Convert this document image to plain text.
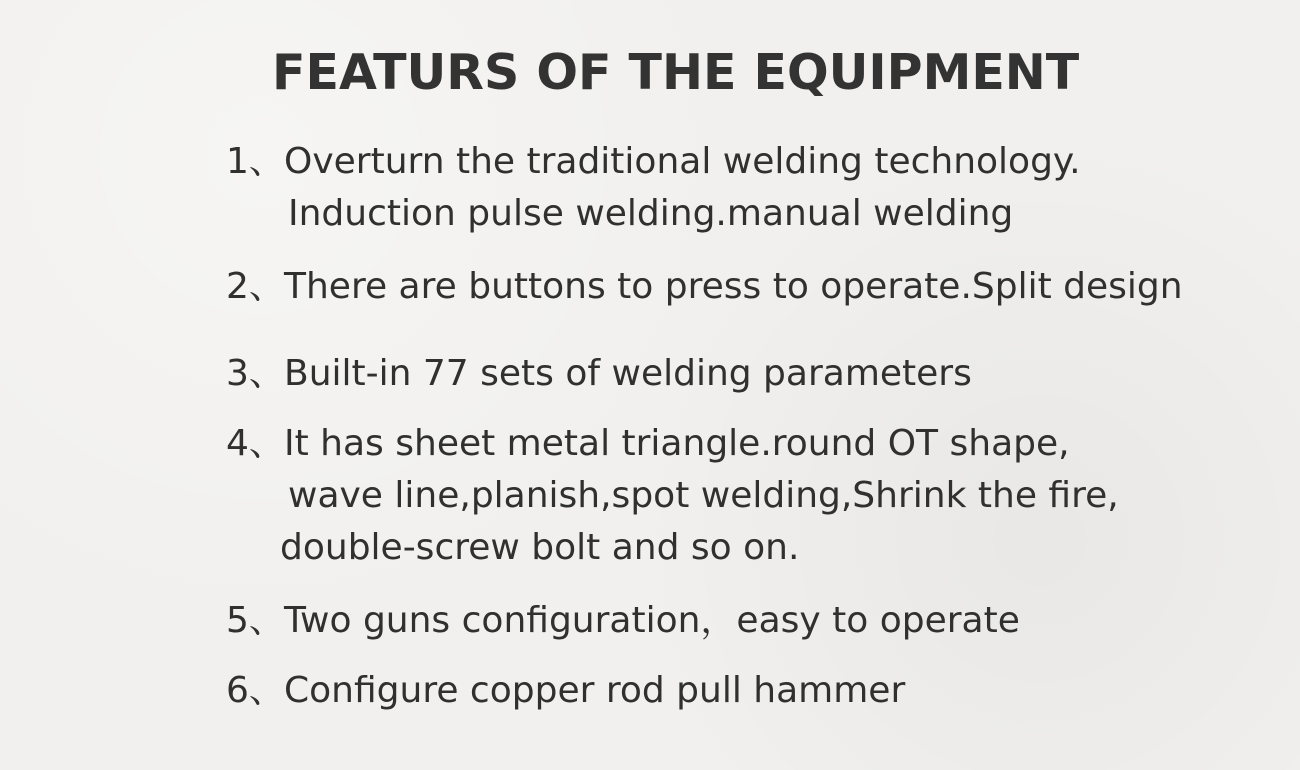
FEATURS OF THE EQUIPMENT
1、Overturn the traditional welding technology.
Induction pulse welding.manual welding
2、There are buttons to press to operate.Split design
3、Built-in 77 sets of welding parameters
4、It has sheet metal triangle.round OT shape,
wave line,planish,spot welding,Shrink the fire,
double-screw bolt and so on.
5、Two guns configuration，easy to operate
6、Configure copper rod pull hammer
